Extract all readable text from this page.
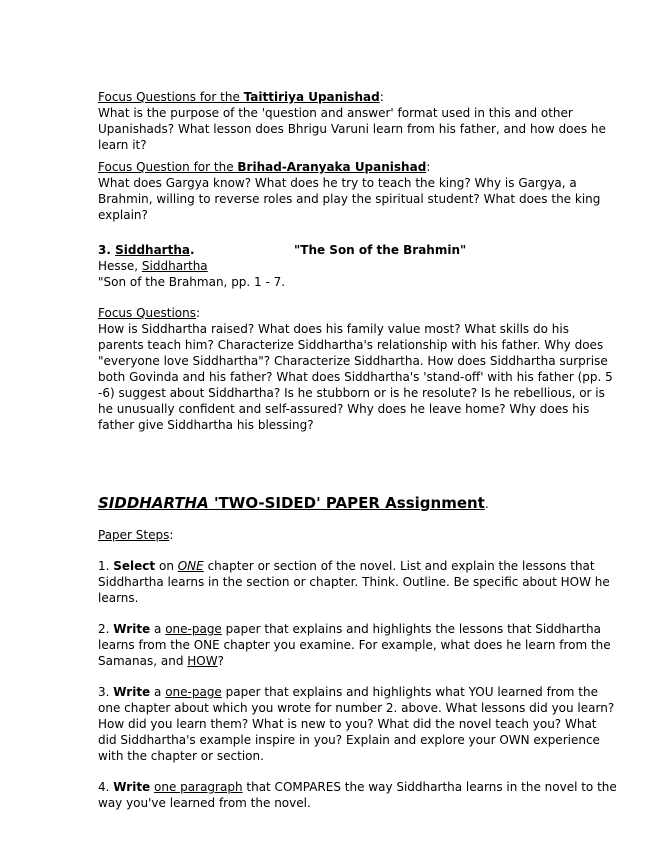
Focus Questions for the Taittiriya Upanishad:

What is the purpose of the 'question and answer' format used in this and other Upanishads? What lesson does Bhrigu Varuni learn from his father, and how does he learn it?

Focus Question for the Brihad-Aranyaka Upanishad:

What does Gargya know? What does he try to teach the king? Why is Gargya, a Brahmin, willing to reverse roles and play the spiritual student? What does the king explain?

3. Siddhartha.	"The Son of the Brahmin"

Hesse, Siddhartha

"Son of the Brahman, pp. 1 - 7.

Focus Questions:

How is Siddhartha raised? What does his family value most? What skills do his parents teach him? Characterize Siddhartha's relationship with his father. Why does "everyone love Siddhartha"? Characterize Siddhartha. How does Siddhartha surprise both Govinda and his father? What does Siddhartha's 'stand-off' with his father (pp. 5 -6) suggest about Siddhartha? Is he stubborn or is he resolute? Is he rebellious, or is he unusually confident and self-assured? Why does he leave home? Why does his father give Siddhartha his blessing?

SIDDHARTHA 'TWO-SIDED' PAPER Assignment.

Paper Steps:

1. Select on ONE chapter or section of the novel. List and explain the lessons that Siddhartha learns in the section or chapter. Think. Outline. Be specific about HOW he learns.

2. Write a one-page paper that explains and highlights the lessons that Siddhartha learns from the ONE chapter you examine. For example, what does he learn from the Samanas, and HOW?

3. Write a one-page paper that explains and highlights what YOU learned from the one chapter about which you wrote for number 2. above. What lessons did you learn? How did you learn them? What is new to you? What did the novel teach you? What did Siddhartha's example inspire in you? Explain and explore your OWN experience with the chapter or section.

4. Write one paragraph that COMPARES the way Siddhartha learns in the novel to the way you've learned from the novel.
